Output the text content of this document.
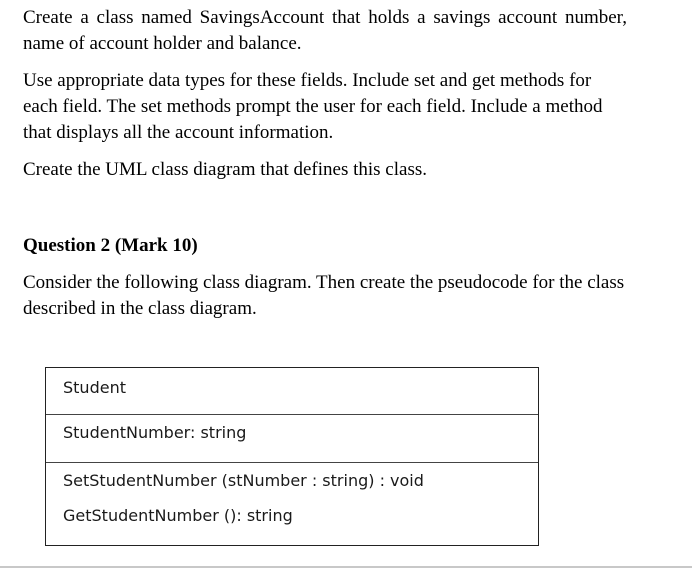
Create a class named SavingsAccount that holds a savings account number, name of account holder and balance.

Use appropriate data types for these fields. Include set and get methods for each field. The set methods prompt the user for each field. Include a method that displays all the account information.

Create the UML class diagram that defines this class.

Question 2 (Mark 10)

Consider the following class diagram. Then create the pseudocode for the class described in the class diagram.

Student
StudentNumber: string
SetStudentNumber (stNumber : string) : void
GetStudentNumber (): string
